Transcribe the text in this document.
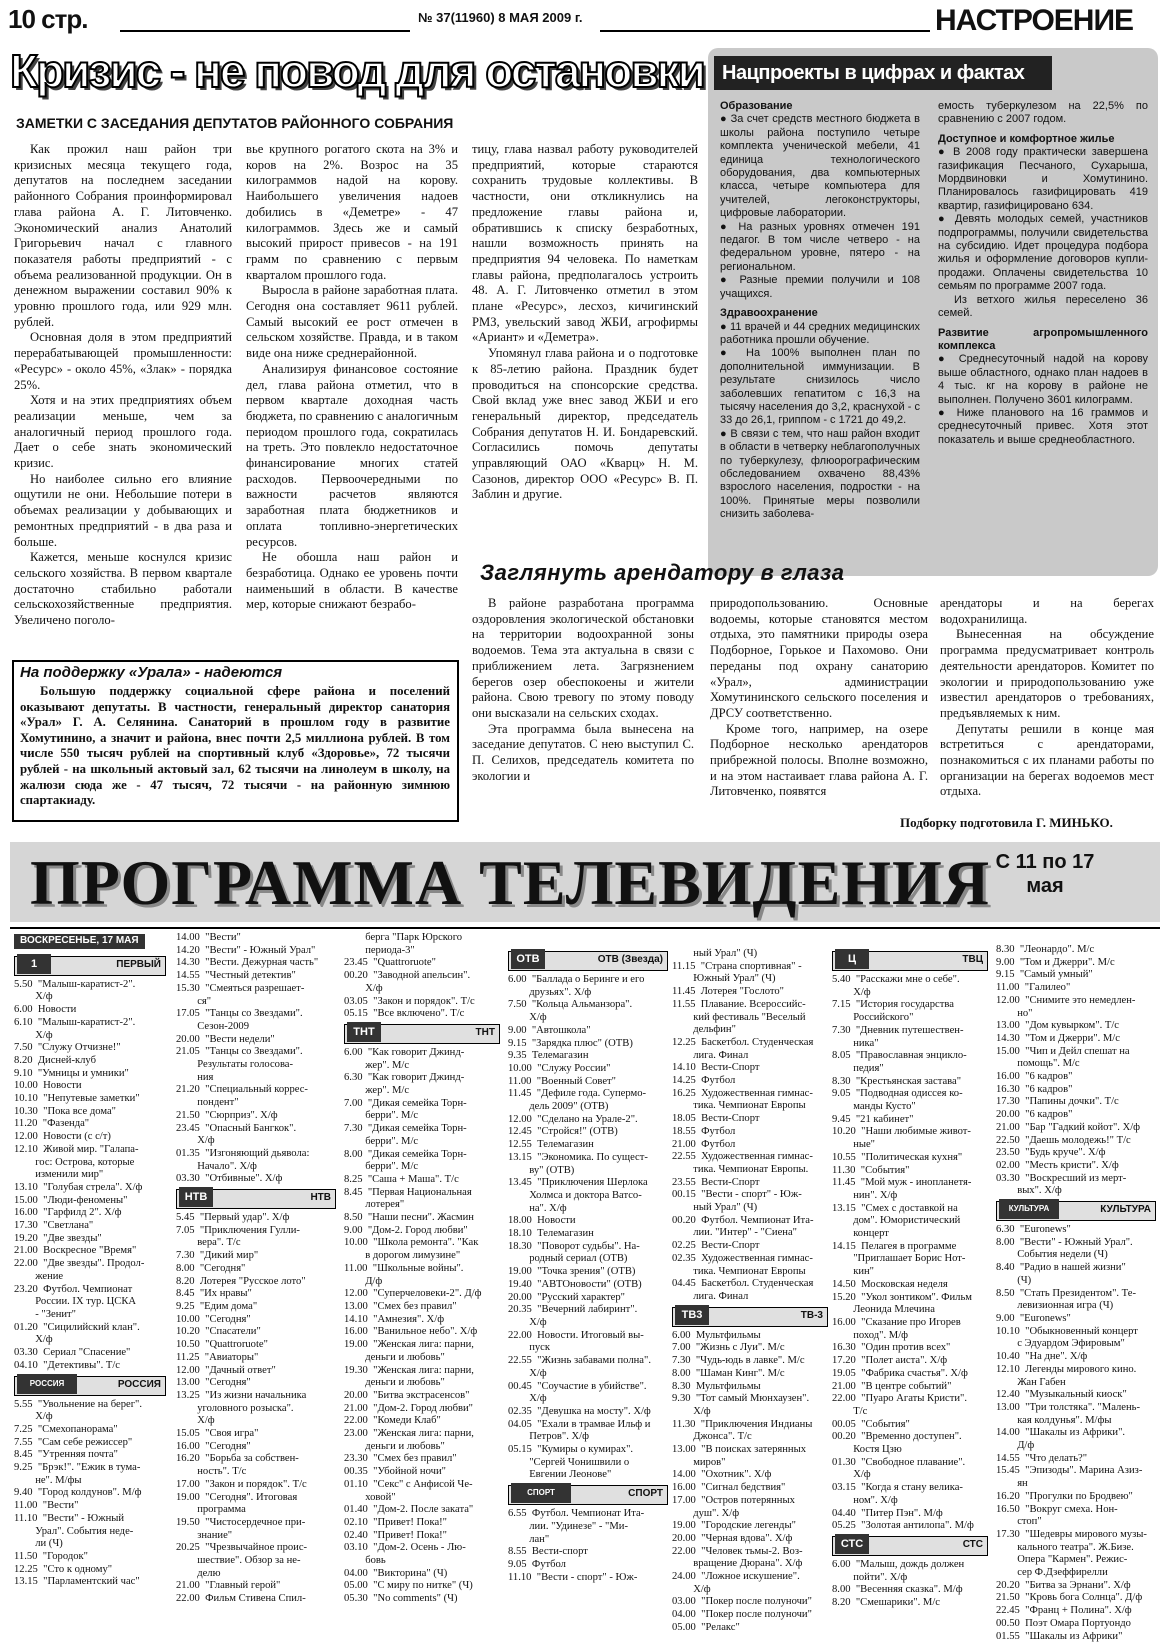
10 стр.	№ 37(11960) 8 МАЯ 2009 г.	НАСТРОЕНИЕ
Кризис - не повод для остановки
ЗАМЕТКИ С ЗАСЕДАНИЯ ДЕПУТАТОВ РАЙОННОГО СОБРАНИЯ

Как прожил наш район три кризисных месяца текущего года, депутатов на последнем заседании районного Собрания проинформировал глава района А. Г. Литовченко. Экономический анализ Анатолий Григорьевич начал с главного показателя работы предприятий - с объема реализованной продукции. Он в денежном выражении составил 90% к уровню прошлого года, или 929 млн. рублей.

Основная доля в этом предприятий перерабатывающей промышленности: «Ресурс» - около 45%, «Злак» - порядка 25%.

Хотя и на этих предприятиях объем реализации меньше, чем за аналогичный период прошлого года. Дает о себе знать экономический кризис.

Но наиболее сильно его влияние ощутили не они. Небольшие потери в объемах реализации у добывающих и ремонтных предприятий - в два раза и больше.

Кажется, меньше коснулся кризис сельского хозяйства. В первом квартале достаточно стабильно работали сельскохозяйственные предприятия. Увеличено поголо-

вье крупного рогатого скота на 3% и коров на 2%. Возрос на 35 килограммов надой на корову. Наибольшего увеличения надоев добились в «Деметре» - 47 килограммов. Здесь же и самый высокий прирост привесов - на 191 грамм по сравнению с первым кварталом прошлого года.

Выросла в районе заработная плата. Сегодня она составляет 9611 рублей. Самый высокий ее рост отмечен в сельском хозяйстве. Правда, и в таком виде она ниже среднерайонной.

Анализируя финансовое состояние дел, глава района отметил, что в первом квартале доходная часть бюджета, по сравнению с аналогичным периодом прошлого года, сократилась на треть. Это повлекло недостаточное финансирование многих статей расходов. Первоочередными по важности расчетов являются заработная плата бюджетников и оплата топливно-энергетических ресурсов.

Не обошла наш район и безработица. Однако ее уровень почти наименьший в области. В качестве мер, которые снижают безрабо-

тицу, глава назвал работу руководителей предприятий, которые стараются сохранить трудовые коллективы. В частности, они откликнулись на предложение главы района и, обратившись к списку безработных, нашли возможность принять на предприятия 94 человека. По наметкам главы района, предполагалось устроить 48. А. Г. Литовченко отметил в этом плане «Ресурс», лесхоз, кичигинский РМЗ, увельский завод ЖБИ, агрофирмы «Ариант» и «Деметра».

Упомянул глава района и о подготовке к 85-летию района. Праздник будет проводиться на спонсорские средства. Свой вклад уже внес завод ЖБИ и его генеральный директор, председатель Собрания депутатов Н. И. Бондаревский. Согласились помочь депутаты управляющий ОАО «Кварц» Н. М. Сазонов, директор ООО «Ресурс» В. П. Заблин и другие.

Нацпроекты в цифрах и фактах

Образование

● За счет средств местного бюджета в школы района поступило четыре комплекта ученической мебели, 41 единица технологического оборудования, два компьютерных класса, четыре компьютера для учителей, легоконструкторы, цифровые лаборатории.

● На разных уровнях отмечен 191 педагог. В том числе четверо - на федеральном уровне, пятеро - на региональном.

● Разные премии получили и 108 учащихся.

Здравоохранение

● 11 врачей и 44 средних медицинских работника прошли обучение.

● На 100% выполнен план по дополнительной иммунизации. В результате снизилось число заболевших гепатитом с 16,3 на тысячу населения до 3,2, краснухой - с 33 до 26,1, гриппом - с 1721 до 49,2.

● В связи с тем, что наш район входит в области в четверку неблагополучных по туберкулезу, флюорографическим обследованием охвачено 88,43% взрослого населения, подростки - на 100%. Принятые меры позволили снизить заболева-

емость туберкулезом на 22,5% по сравнению с 2007 годом.

Доступное и комфортное жилье

● В 2008 году практически завершена газификация Песчаного, Сухарыша, Мордвиновки и Хомутинино. Планировалось газифицировать 419 квартир, газифицировано 634.

● Девять молодых семей, участников подпрограммы, получили свидетельства на субсидию. Идет процедура подбора жилья и оформление договоров купли-продажи. Оплачены свидетельства 10 семьям по программе 2007 года.

Из ветхого жилья переселено 36 семей.

Развитие агропромышленного комплекса

● Среднесуточный надой на корову выше областного, однако план надоев в 4 тыс. кг на корову в районе не выполнен. Получено 3601 килограмм.

● Ниже планового на 16 граммов и среднесуточный привес. Хотя этот показатель и выше среднеобластного.

На поддержку «Урала» - надеются
Большую поддержку социальной сфере района и поселений оказывают депутаты. В частности, генеральный директор санатория «Урал» Г. А. Селянина. Санаторий в прошлом году в развитие Хомутинино, а значит и района, внес почти 2,5 миллиона рублей. В том числе 550 тысяч рублей на спортивный клуб «Здоровье», 72 тысячи рублей - на школьный актовый зал, 62 тысячи на линолеум в школу, на жалюзи сюда же - 47 тысяч, 72 тысячи - на районную зимнюю спартакиаду.
Заглянуть арендатору в глаза

В районе разработана программа оздоровления экологической обстановки на территории водоохранной зоны водоемов. Тема эта актуальна в связи с приближением лета. Загрязнением берегов озер обеспокоены и жители района. Свою тревогу по этому поводу они высказали на сельских сходах.

Эта программа была вынесена на заседание депутатов. С нею выступил С. П. Селихов, председатель комитета по экологии и

природопользованию. Основные водоемы, которые становятся местом отдыха, это памятники природы озера Подборное, Горькое и Пахомово. Они переданы под охрану санаторию «Урал», администрации Хомутининского сельского поселения и ДРСУ соответственно.

Кроме того, например, на озере Подборное несколько арендаторов прибрежной полосы. Вполне возможно, и на этом настаивает глава района А. Г. Литовченко, появятся

арендаторы и на берегах водохранилища.

Вынесенная на обсуждение программа предусматривает контроль деятельности арендаторов. Комитет по экологии и природопользованию уже известил арендаторов о требованиях, предъявляемых к ним.

Депутаты решили в конце мая встретиться с арендаторами, познакомиться с их планами работы по организации на берегах водоемов мест отдыха.

Подборку подготовила Г. МИНЬКО.
ПРОГРАММА ТЕЛЕВИДЕНИЯ С 11 по 17 мая
ВОСКРЕСЕНЬЕ, 17 МАЯ
1	ПЕРВЫЙ
5.50  "Малыш-каратист-2".
Х/ф
6.00  Новости
6.10  "Малыш-каратист-2".
Х/ф
7.50  "Служу Отчизне!"
8.20  Дисней-клуб
9.10  "Умницы и умники"
10.00  Новости
10.10  "Непутевые заметки"
10.30  "Пока все дома"
11.20  "Фазенда"
12.00  Новости (с с/т)
12.10  Живой мир. "Галапа-
гос: Острова, которые
изменили мир"
13.10  "Голубая стрела". Х/ф
15.00  "Люди-феномены"
16.00  "Гарфилд 2". Х/ф
17.30  "Светлана"
19.20  "Две звезды"
21.00  Воскресное "Время"
22.00  "Две звезды". Продол-
жение
23.20  Футбол. Чемпионат
России. IX тур. ЦСКА
- "Зенит"
01.20  "Сицилийский клан".
Х/ф
03.30  Сериал "Спасение"
04.10  "Детективы". Т/с
РОССИЯ	РОССИЯ
5.55  "Увольнение на берег".
Х/ф
7.25  "Смехопанорама"
7.55  "Сам себе режиссер"
8.45  "Утренняя почта"
9.25  "Брэк!". "Ежик в тума-
не". М/фы
9.40  "Город колдунов". М/ф
11.00  "Вести"
11.10  "Вести" - Южный
Урал". События неде-
ли (Ч)
11.50  "Городок"
12.25  "Сто к одному"
13.15  "Парламентский час"
14.00  "Вести"
14.20  "Вести" - Южный Урал"
14.30  "Вести. Дежурная часть"
14.55  "Честный детектив"
15.30  "Смеяться разрешает-
ся"
17.05  "Танцы со Звездами".
Сезон-2009
20.00  "Вести недели"
21.05  "Танцы со Звездами".
Результаты голосова-
ния
21.20  "Специальный коррес-
пондент"
21.50  "Сюрприз". Х/ф
23.45  "Опасный Бангкок".
Х/ф
01.35  "Изгоняющий дьявола:
Начало". Х/ф
03.30  "Отбивные". Х/ф
НТВ	НТВ
5.45  "Первый удар". Х/ф
7.05  "Приключения Гулли-
вера". Т/с
7.30  "Дикий мир"
8.00  "Сегодня"
8.20  Лотерея "Русское лото"
8.45  "Их нравы"
9.25  "Едим дома"
10.00  "Сегодня"
10.20  "Спасатели"
10.50  "Quattroruote"
11.25  "Авиаторы"
12.00  "Дачный ответ"
13.00  "Сегодня"
13.25  "Из жизни начальника
уголовного розыска".
Х/ф
15.05  "Своя игра"
16.00  "Сегодня"
16.20  "Борьба за собствен-
ность". Т/с
17.00  "Закон и порядок". Т/с
19.00  "Сегодня". Итоговая
программа
19.50  "Чистосердечное при-
знание"
20.25  "Чрезвычайное проис-
шествие". Обзор за не-
делю
21.00  "Главный герой"
22.00  Фильм Стивена Спил-
берга "Парк Юрского
периода-3"
23.45  "Quattroruote"
00.20  "Заводной апельсин".
Х/ф
03.05  "Закон и порядок". Т/с
05.15  "Все включено". Т/с
ТНТ	ТНТ
6.00  "Как говорит Джинд-
жер". М/с
6.30  "Как говорит Джинд-
жер". М/с
7.00  "Дикая семейка Торн-
берри". М/с
7.30  "Дикая семейка Торн-
берри". М/с
8.00  "Дикая семейка Торн-
берри". М/с
8.25  "Саша + Маша". Т/с
8.45  "Первая Национальная
лотерея"
8.50  "Наши песни". Жасмин
9.00  "Дом-2. Город любви"
10.00  "Школа ремонта". "Как
в дорогом лимузине"
11.00  "Школьные войны".
Д/ф
12.00  "Суперчеловеки-2". Д/ф
13.00  "Смех без правил"
14.10  "Амнезия". Х/ф
16.00  "Ванильное небо". Х/ф
19.00  "Женская лига: парни,
деньги и любовь"
19.30  "Женская лига: парни,
деньги и любовь"
20.00  "Битва экстрасенсов"
21.00  "Дом-2. Город любви"
22.00  "Комеди Клаб"
23.00  "Женская лига: парни,
деньги и любовь"
23.30  "Смех без правил"
00.35  "Убойной ночи"
01.10  "Секс" с Анфисой Че-
ховой"
01.40  "Дом-2. После заката"
02.10  "Привет! Пока!"
02.40  "Привет! Пока!"
03.10  "Дом-2. Осень - Лю-
бовь
04.00  "Викторина" (Ч)
05.00  "С миру по нитке" (Ч)
05.30  "No comments" (Ч)
ОТВ	ОТВ (Звезда)
6.00  "Баллада о Беринге и его
друзьях". Х/ф
7.50  "Кольца Альманзора".
Х/ф
9.00  "Автошкола"
9.15  "Зарядка плюс" (ОТВ)
9.35  Телемагазин
10.00  "Служу России"
11.00  "Военный Совет"
11.45  "Дефиле года. Супермо-
дель 2009" (ОТВ)
12.00  "Сделано на Урале-2".
12.45  "Стройся!" (ОТВ)
12.55  Телемагазин
13.15  "Экономика. По сущест-
ву" (ОТВ)
13.45  "Приключения Шерлока
Холмса и доктора Ватсо-
на". Х/ф
18.00  Новости
18.10  Телемагазин
18.30  "Поворот судьбы". На-
родный сериал (ОТВ)
19.00  "Точка зрения" (ОТВ)
19.40  "АВТОновости" (ОТВ)
20.00  "Русский характер"
20.35  "Вечерний лабиринт".
Х/ф
22.00  Новости. Итоговый вы-
пуск
22.55  "Жизнь забавами полна".
Х/ф
00.45  "Соучастие в убийстве".
Х/ф
02.35  "Девушка на мосту". Х/ф
04.05  "Ехали в трамвае Ильф и
Петров". Х/ф
05.15  "Кумиры о кумирах".
"Сергей Чонишвили о
Евгении Леонове"
СПОРТ	СПОРТ
6.55  Футбол. Чемпионат Ита-
лии. "Удинезе" - "Ми-
лан"
8.55  Вести-спорт
9.05  Футбол
11.10  "Вести - спорт" - Юж-
ный Урал" (Ч)
11.15  "Страна спортивная" -
Южный Урал" (Ч)
11.45  Лотерея "Гослото"
11.55  Плавание. Всероссийс-
кий фестиваль "Веселый
дельфин"
12.25  Баскетбол. Студенческая
лига. Финал
14.10  Вести-Спорт
14.25  Футбол
16.25  Художественная гимнас-
тика. Чемпионат Европы
18.05  Вести-Спорт
18.55  Футбол
21.00  Футбол
22.55  Художественная гимнас-
тика. Чемпионат Европы.
23.55  Вести-Спорт
00.15  "Вести - спорт" - Юж-
ный Урал" (Ч)
00.20  Футбол. Чемпионат Ита-
лии. "Интер" - "Сиена"
02.25  Вести-Спорт
02.35  Художественная гимнас-
тика. Чемпионат Европы
04.45  Баскетбол. Студенческая
лига. Финал
ТВ3	ТВ-3
6.00  Мультфильмы
7.00  "Жизнь с Луи". М/с
7.30  "Чудь-юдь в лавке". М/с
8.00  "Шаман Кинг". М/с
8.30  Мультфильмы
9.30  "Тот самый Мюнхаузен".
Х/ф
11.30  "Приключения Индианы
Джонса". Т/с
13.00  "В поисках затерянных
миров"
14.00  "Охотник". Х/ф
16.00  "Сигнал бедствия"
17.00  "Остров потерянных
душ". Х/ф
19.00  "Городские легенды"
20.00  "Черная вдова". Х/ф
22.00  "Человек тьмы-2. Воз-
вращение Дюрана". Х/ф
24.00  "Ложное искушение".
Х/ф
03.00  "Покер после полуночи"
04.00  "Покер после полуночи"
05.00  "Релакс"
Ц	ТВЦ
5.40  "Расскажи мне о себе".
Х/ф
7.15  "История государства
Российского"
7.30  "Дневник путешествен-
ника"
8.05  "Православная энцикло-
педия"
8.30  "Крестьянская застава"
9.05  "Подводная одиссея ко-
манды Кусто"
9.45  "21 кабинет"
10.20  "Наши любимые живот-
ные"
10.55  "Политическая кухня"
11.30  "События"
11.45  "Мой муж - инопланетя-
нин". Х/ф
13.15  "Смех с доставкой на
дом". Юмористический
концерт
14.15  Пелагея в программе
"Приглашает Борис Нот-
кин"
14.50  Московская неделя
15.20  "Укол зонтиком". Фильм
Леонида Млечина
16.00  "Сказание про Игорев
поход". М/ф
16.30  "Один против всех"
17.20  "Полет аиста". Х/ф
19.05  "Фабрика счастья". Х/ф
21.00  "В центре событий"
22.00  "Пуаро Агаты Кристи".
Т/с
00.05  "События"
00.20  "Временно доступен".
Костя Цзю
01.30  "Свободное плавание".
Х/ф
03.15  "Когда я стану велика-
ном". Х/ф
04.40  "Питер Пэн". М/ф
05.25  "Золотая антилопа". М/ф
СТС	СТС
6.00  "Малыш, дождь должен
пойти". Х/ф
8.00  "Весенняя сказка". М/ф
8.20  "Смешарики". М/с
8.30  "Леонардо". М/с
9.00  "Том и Джерри". М/с
9.15  "Самый умный"
11.00  "Галилео"
12.00  "Снимите это немедлен-
но"
13.00  "Дом кувырком". Т/с
14.30  "Том и Джерри". М/с
15.00  "Чип и Дейл спешат на
помощь". М/с
16.00  "6 кадров"
16.30  "6 кадров"
17.30  "Папины дочки". Т/с
20.00  "6 кадров"
21.00  "Бар "Гадкий койот". Х/ф
22.50  "Даешь молодежь!" Т/с
23.50  "Будь круче". Х/ф
02.00  "Месть кристи". Х/ф
03.30  "Воскресший из мерт-
вых". Х/ф
КУЛЬТУРА	КУЛЬТУРА
6.30  "Euronews"
8.00  "Вести" - Южный Урал".
События недели (Ч)
8.40  "Радио в нашей жизни"
(Ч)
8.50  "Стать Президентом". Те-
левизионная игра (Ч)
9.00  "Euronews"
10.10  "Обыкновенный концерт
с Эдуардом Эфировым"
10.40  "На дне". Х/ф
12.10  Легенды мирового кино.
Жан Габен
12.40  "Музыкальный киоск"
13.00  "Три толстяка". "Малень-
кая колдунья". М/фы
14.00  "Шакалы из Африки".
Д/ф
14.55  "Что делать?"
15.45  "Эпизоды". Марина Азиз-
ян
16.20  "Прогулки по Бродвею"
16.50  "Вокруг смеха. Нон-
стоп"
17.30  "Шедевры мирового музы-
кального театра". Ж.Бизе.
Опера "Кармен". Режис-
сер Ф.Дзеффирелли
20.20  "Битва за Эрнани". Х/ф
21.50  "Кровь бога Солнца". Д/ф
22.45  "Франц + Полина". Х/ф
00.50  Поэт Омара Портуондо
01.55  "Шакалы из Африки"
